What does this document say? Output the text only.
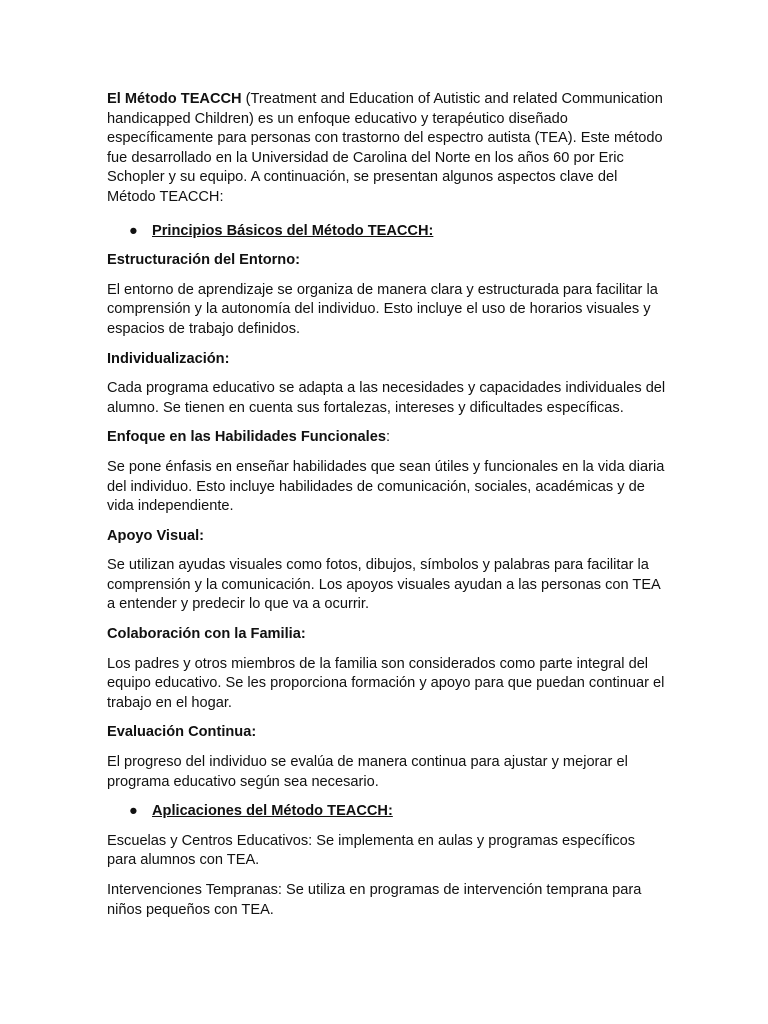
El Método TEACCH (Treatment and Education of Autistic and related Communication handicapped Children) es un enfoque educativo y terapéutico diseñado específicamente para personas con trastorno del espectro autista (TEA). Este método fue desarrollado en la Universidad de Carolina del Norte en los años 60 por Eric Schopler y su equipo. A continuación, se presentan algunos aspectos clave del Método TEACCH:

● Principios Básicos del Método TEACCH:

Estructuración del Entorno:

El entorno de aprendizaje se organiza de manera clara y estructurada para facilitar la comprensión y la autonomía del individuo. Esto incluye el uso de horarios visuales y espacios de trabajo definidos.

Individualización:

Cada programa educativo se adapta a las necesidades y capacidades individuales del alumno. Se tienen en cuenta sus fortalezas, intereses y dificultades específicas.

Enfoque en las Habilidades Funcionales:

Se pone énfasis en enseñar habilidades que sean útiles y funcionales en la vida diaria del individuo. Esto incluye habilidades de comunicación, sociales, académicas y de vida independiente.

Apoyo Visual:

Se utilizan ayudas visuales como fotos, dibujos, símbolos y palabras para facilitar la comprensión y la comunicación. Los apoyos visuales ayudan a las personas con TEA a entender y predecir lo que va a ocurrir.

Colaboración con la Familia:

Los padres y otros miembros de la familia son considerados como parte integral del equipo educativo. Se les proporciona formación y apoyo para que puedan continuar el trabajo en el hogar.

Evaluación Continua:

El progreso del individuo se evalúa de manera continua para ajustar y mejorar el programa educativo según sea necesario.

● Aplicaciones del Método TEACCH:

Escuelas y Centros Educativos: Se implementa en aulas y programas específicos para alumnos con TEA.

Intervenciones Tempranas: Se utiliza en programas de intervención temprana para niños pequeños con TEA.
